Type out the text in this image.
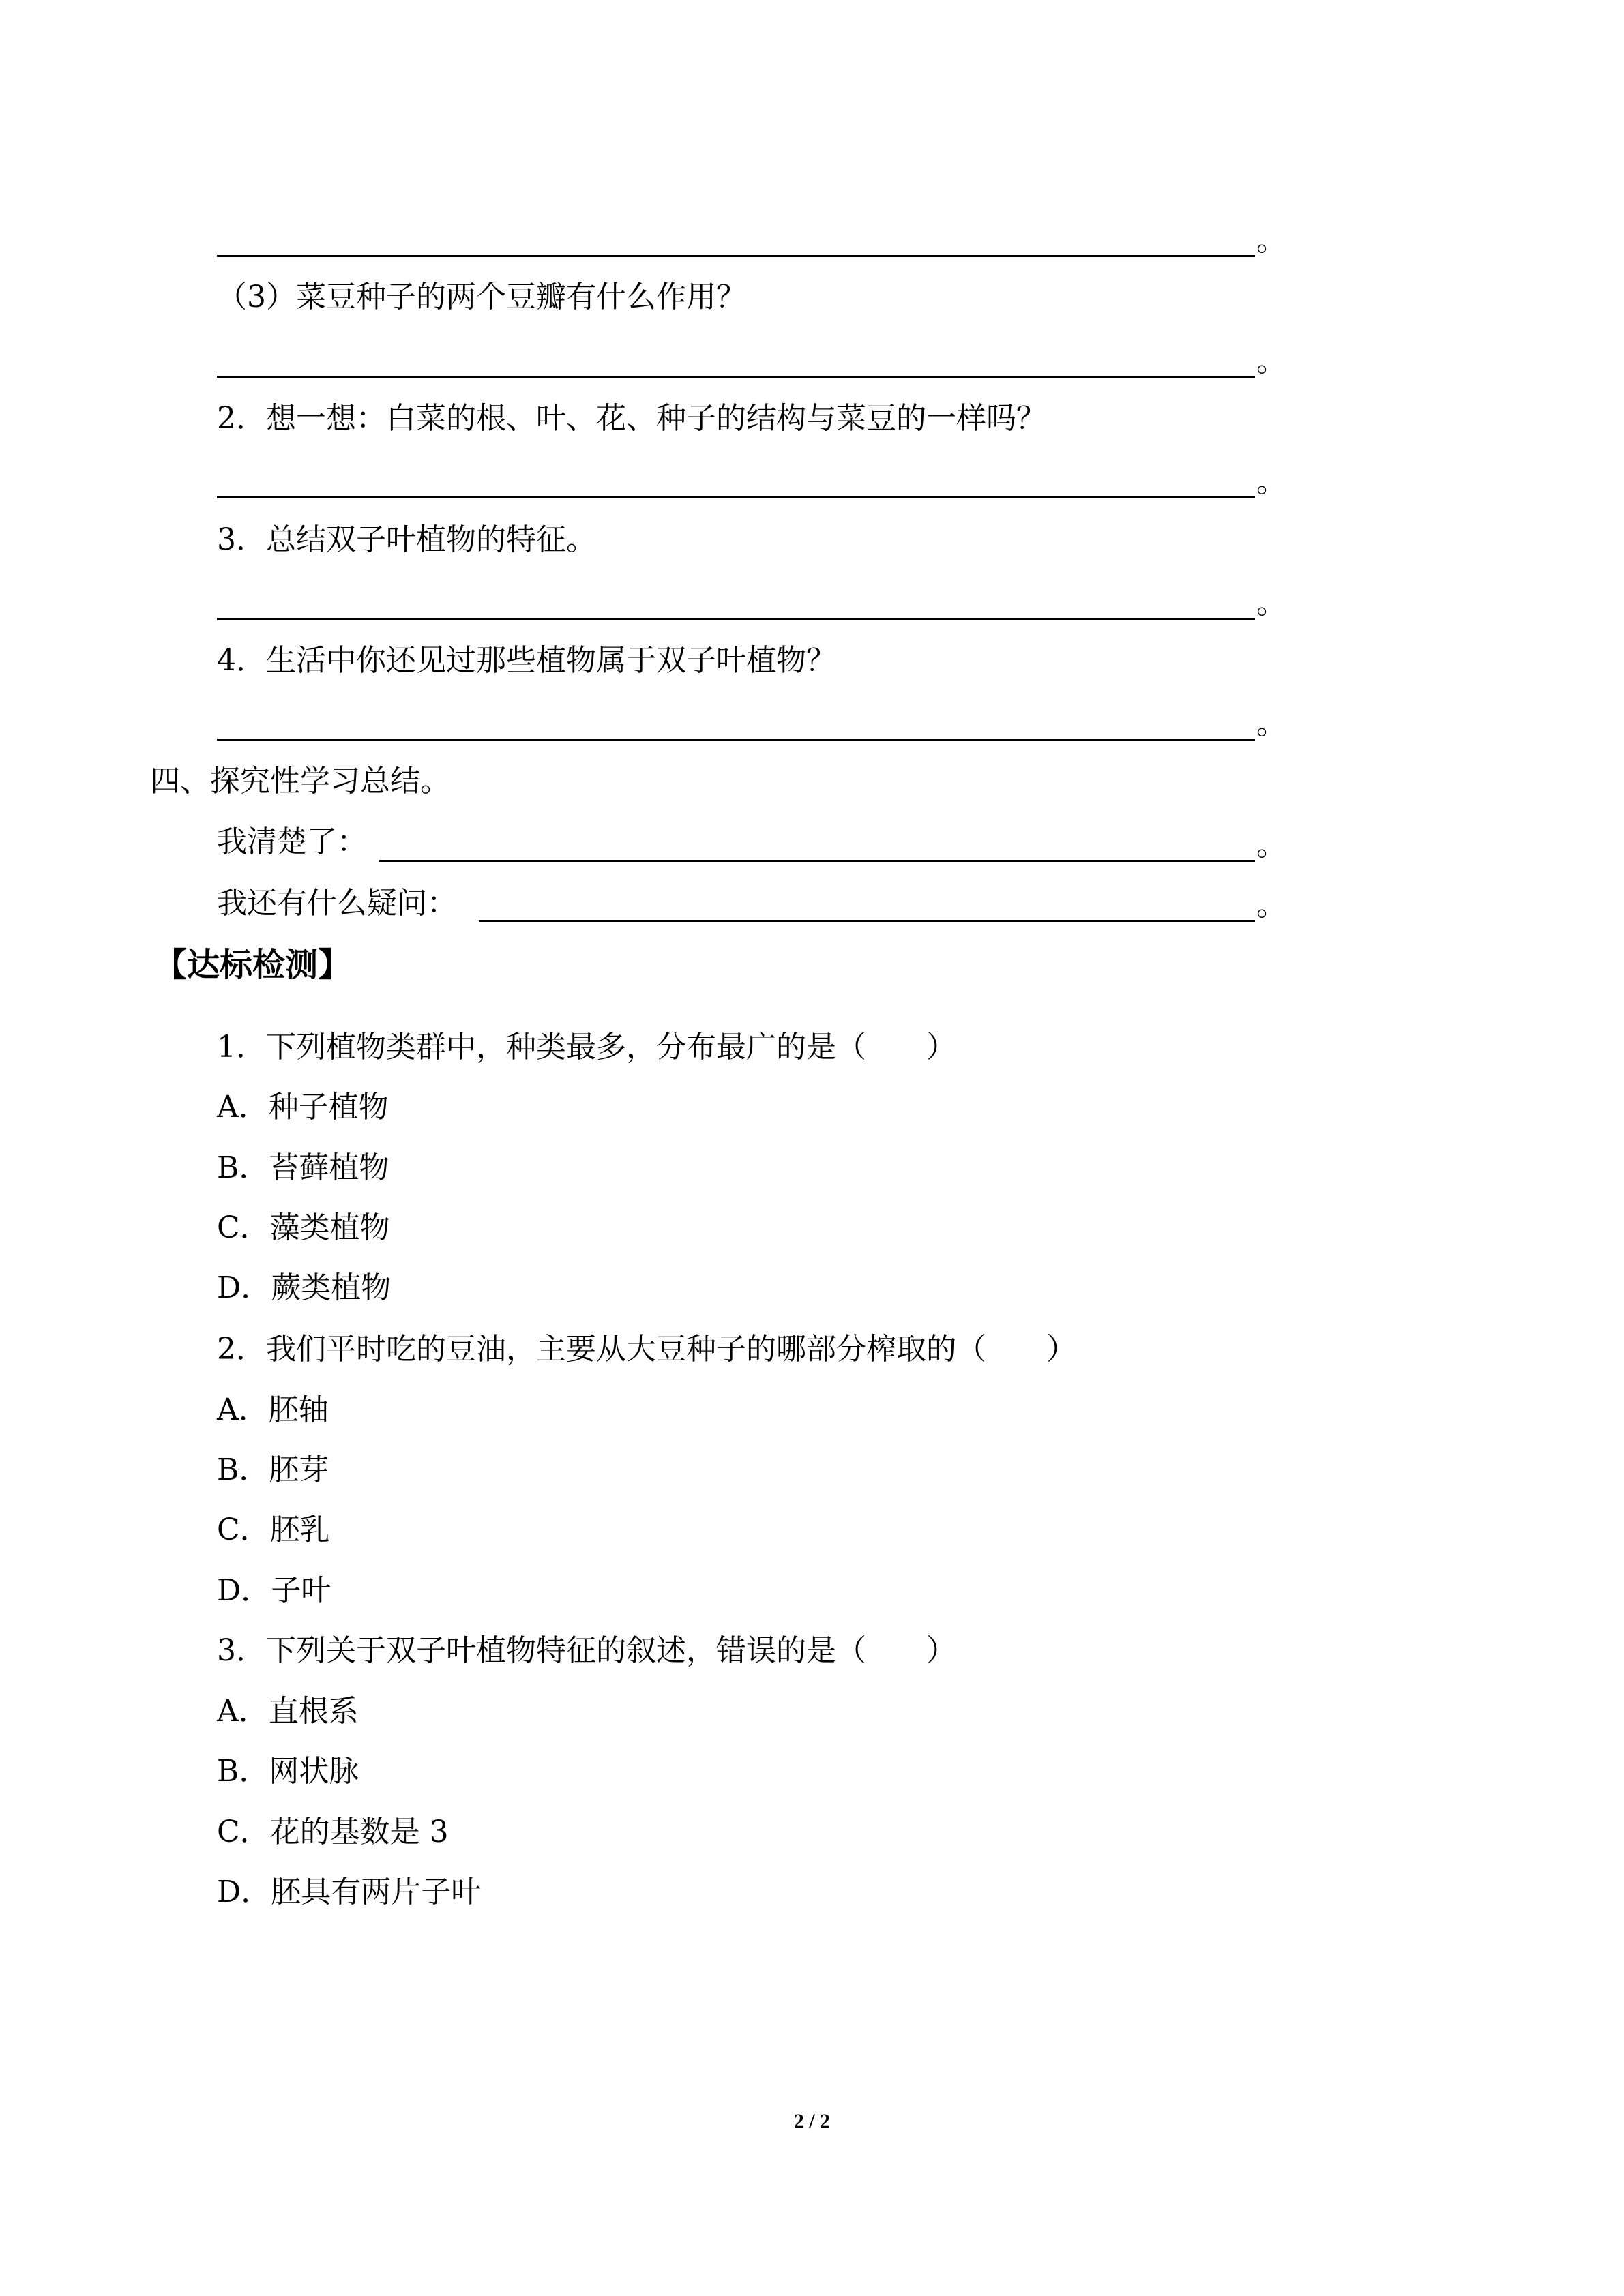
。
（3）菜豆种子的两个豆瓣有什么作用？
。
2．想一想：白菜的根、叶、花、种子的结构与菜豆的一样吗？
。
3．总结双子叶植物的特征。
。
4．生活中你还见过那些植物属于双子叶植物？
。
四、探究性学习总结。
我清楚了：	。
我还有什么疑问：	。
【达标检测】
1．下列植物类群中，种类最多，分布最广的是（　　）
A．种子植物
B．苔藓植物
C．藻类植物
D．蕨类植物
2．我们平时吃的豆油，主要从大豆种子的哪部分榨取的（　　）
A．胚轴
B．胚芽
C．胚乳
D．子叶
3．下列关于双子叶植物特征的叙述，错误的是（　　）
A．直根系
B．网状脉
C．花的基数是 3
D．胚具有两片子叶
2 / 2
